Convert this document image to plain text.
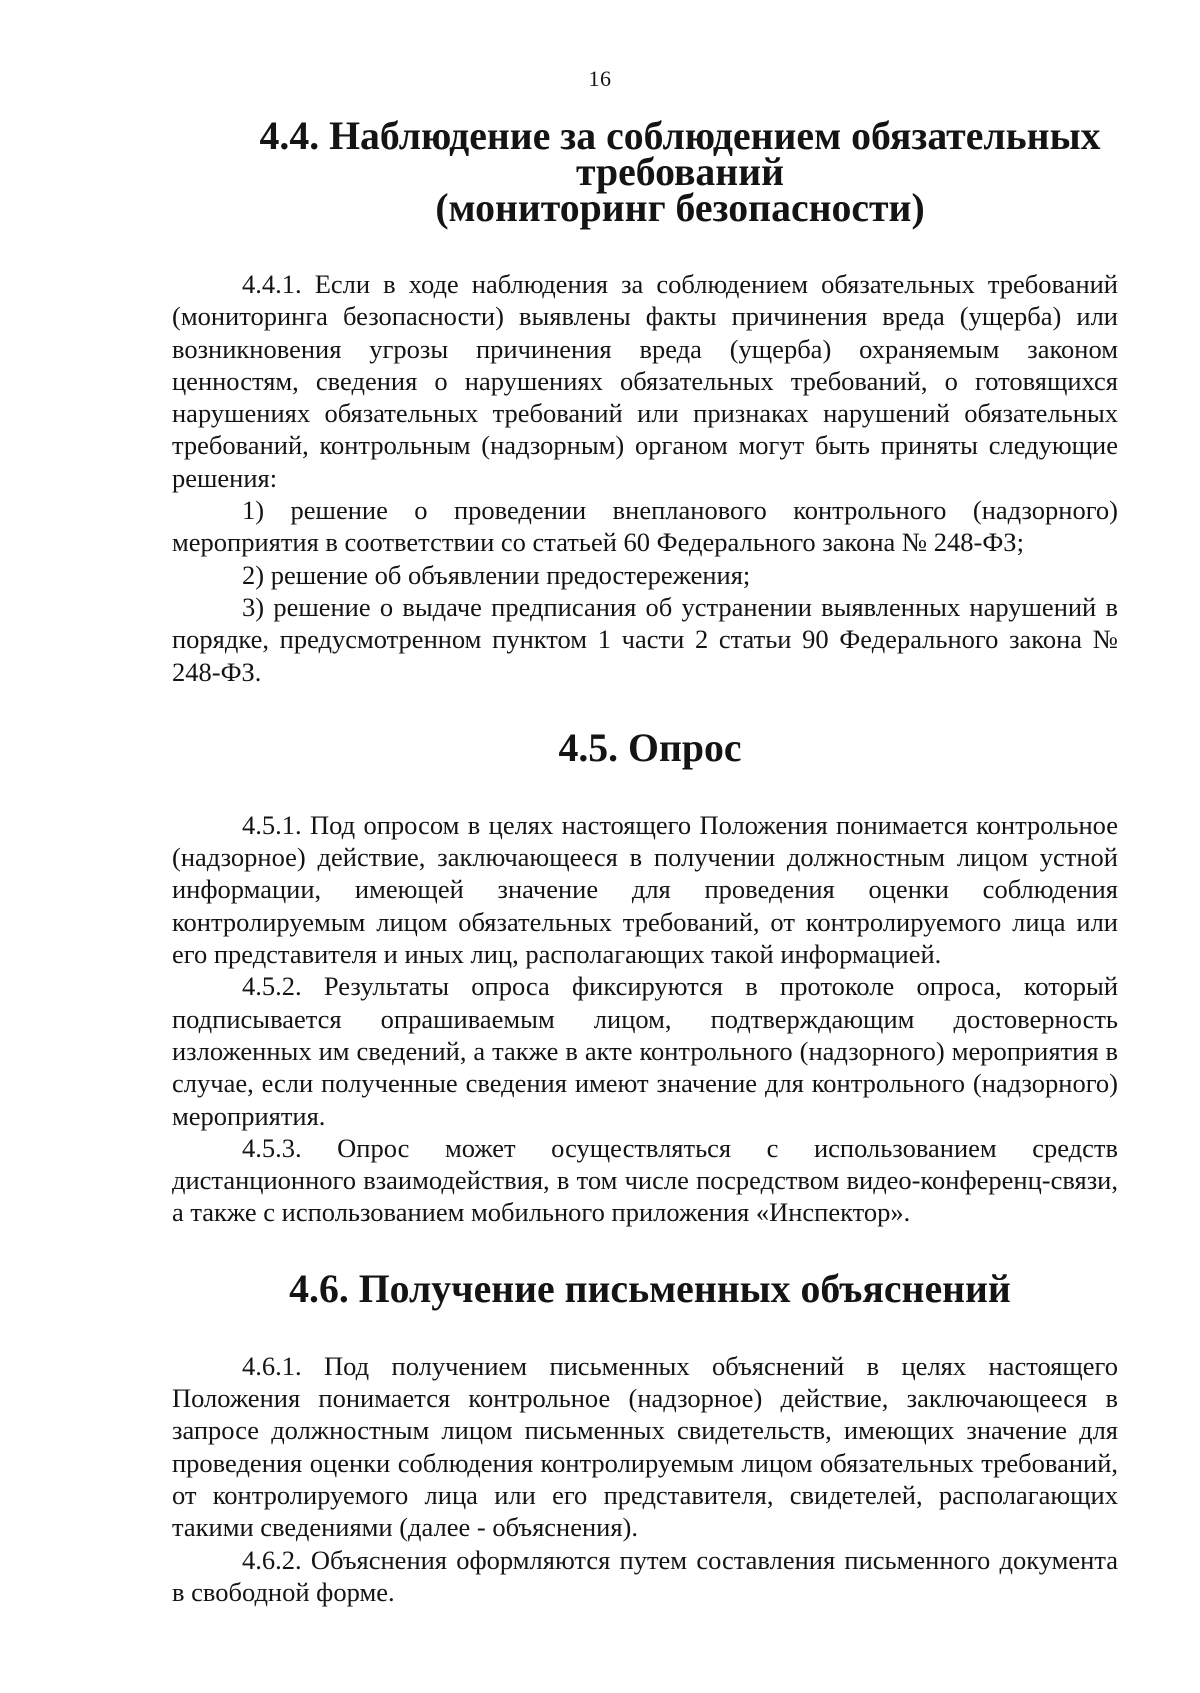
16
4.4. Наблюдение за соблюдением обязательных требований
(мониторинг безопасности)

4.4.1. Если в ходе наблюдения за соблюдением обязательных требований (мониторинга безопасности) выявлены факты причинения вреда (ущерба) или возникновения угрозы причинения вреда (ущерба) охраняемым законом ценностям, сведения о нарушениях обязательных требований, о готовящихся нарушениях обязательных требований или признаках нарушений обязательных требований, контрольным (надзорным) органом могут быть приняты следующие решения:

1) решение о проведении внепланового контрольного (надзорного) мероприятия в соответствии со статьей 60 Федерального закона № 248-ФЗ;

2) решение об объявлении предостережения;

3) решение о выдаче предписания об устранении выявленных нарушений в порядке, предусмотренном пунктом 1 части 2 статьи 90 Федерального закона № 248-ФЗ.

4.5. Опрос

4.5.1. Под опросом в целях настоящего Положения понимается контрольное (надзорное) действие, заключающееся в получении должностным лицом устной информации, имеющей значение для проведения оценки соблюдения контролируемым лицом обязательных требований, от контролируемого лица или его представителя и иных лиц, располагающих такой информацией.

4.5.2. Результаты опроса фиксируются в протоколе опроса, который подписывается опрашиваемым лицом, подтверждающим достоверность изложенных им сведений, а также в акте контрольного (надзорного) мероприятия в случае, если полученные сведения имеют значение для контрольного (надзорного) мероприятия.

4.5.3. Опрос может осуществляться с использованием средств дистанционного взаимодействия, в том числе посредством видео-конференц-связи, а также с использованием мобильного приложения «Инспектор».

4.6. Получение письменных объяснений

4.6.1. Под получением письменных объяснений в целях настоящего Положения понимается контрольное (надзорное) действие, заключающееся в запросе должностным лицом письменных свидетельств, имеющих значение для проведения оценки соблюдения контролируемым лицом обязательных требований, от контролируемого лица или его представителя, свидетелей, располагающих такими сведениями (далее - объяснения).

4.6.2. Объяснения оформляются путем составления письменного документа в свободной форме.
